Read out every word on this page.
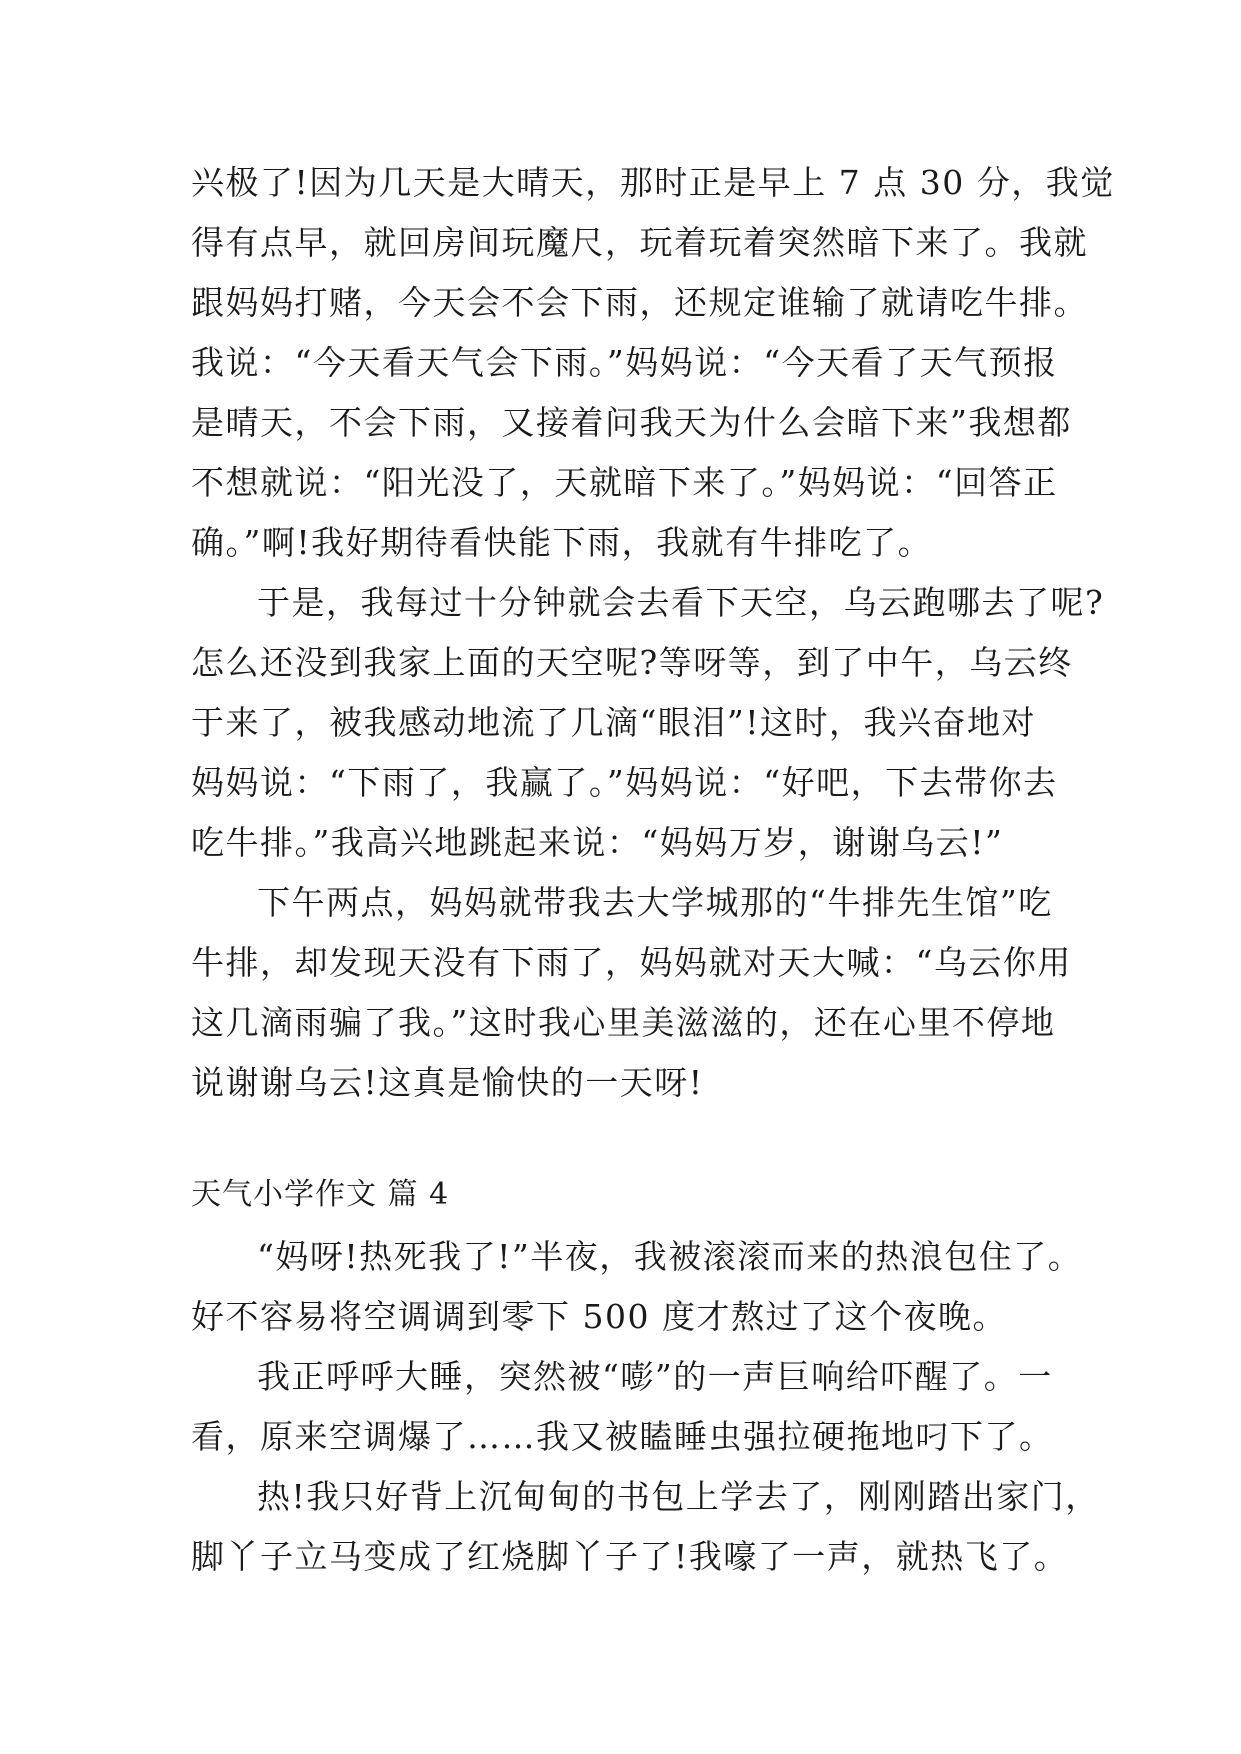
兴极了!因为几天是大晴天，那时正是早上 7 点 30 分，我觉
得有点早，就回房间玩魔尺，玩着玩着突然暗下来了。我就
跟妈妈打赌，今天会不会下雨，还规定谁输了就请吃牛排。
我说：“今天看天气会下雨。”妈妈说：“今天看了天气预报
是晴天，不会下雨，又接着问我天为什么会暗下来”我想都
不想就说：“阳光没了，天就暗下来了。”妈妈说：“回答正
确。”啊!我好期待看快能下雨，我就有牛排吃了。
于是，我每过十分钟就会去看下天空，乌云跑哪去了呢?
怎么还没到我家上面的天空呢?等呀等，到了中午，乌云终
于来了，被我感动地流了几滴“眼泪”!这时，我兴奋地对
妈妈说：“下雨了，我赢了。”妈妈说：“好吧，下去带你去
吃牛排。”我高兴地跳起来说：“妈妈万岁，谢谢乌云!”
下午两点，妈妈就带我去大学城那的“牛排先生馆”吃
牛排，却发现天没有下雨了，妈妈就对天大喊：“乌云你用
这几滴雨骗了我。”这时我心里美滋滋的，还在心里不停地
说谢谢乌云!这真是愉快的一天呀!
天气小学作文 篇 4
“妈呀!热死我了!”半夜，我被滚滚而来的热浪包住了。
好不容易将空调调到零下 500 度才熬过了这个夜晚。
我正呼呼大睡，突然被“嘭”的一声巨响给吓醒了。一
看，原来空调爆了……我又被瞌睡虫强拉硬拖地叼下了。
热!我只好背上沉甸甸的书包上学去了，刚刚踏出家门，
脚丫子立马变成了红烧脚丫子了!我嚎了一声，就热飞了。
